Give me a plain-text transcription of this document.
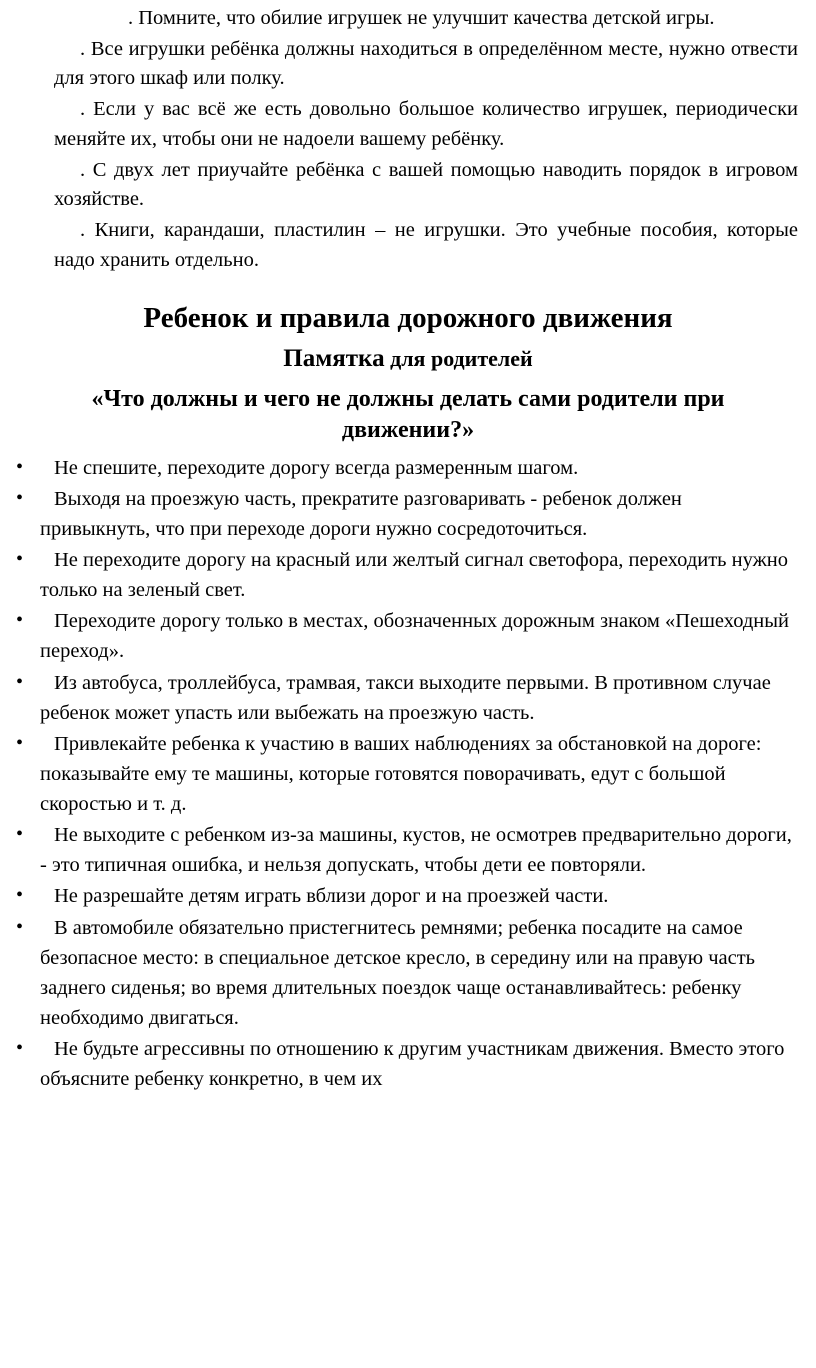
. Помните, что обилие игрушек не улучшит качества детской игры.

. Все игрушки ребёнка должны находиться в определённом месте, нужно отвести для этого шкаф или полку.

. Если у вас всё же есть довольно большое количество игрушек, периодически меняйте их, чтобы они не надоели вашему ребёнку.

. С двух лет приучайте ребёнка с вашей помощью наводить порядок в игровом хозяйстве.

. Книги, карандаши, пластилин – не игрушки. Это учебные пособия, которые надо хранить отдельно.

Ребенок и правила дорожного движения
Памятка для родителей
«Что должны и чего не должны делать сами родители при движении?»

•	Не спешите, переходите дорогу всегда размеренным шагом.

•	Выходя на проезжую часть, прекратите разговаривать - ребенок должен привыкнуть, что при переходе дороги нужно сосредоточиться.

•	Не переходите дорогу на красный или желтый сигнал светофора, переходить нужно только на зеленый свет.

•	Переходите дорогу только в местах, обозначенных дорожным знаком «Пешеходный переход».

•	Из автобуса, троллейбуса, трамвая, такси выходите первыми. В противном случае ребенок может упасть или выбежать на проезжую часть.

•	Привлекайте ребенка к участию в ваших наблюдениях за обстановкой на дороге: показывайте ему те машины, которые готовятся поворачивать, едут с большой скоростью и т. д.

•	Не выходите с ребенком из-за машины, кустов, не осмотрев предварительно дороги, - это типичная ошибка, и нельзя допускать, чтобы дети ее повторяли.

•	Не разрешайте детям играть вблизи дорог и на проезжей части.

•	В автомобиле обязательно пристегнитесь ремнями; ребенка посадите на самое безопасное место: в специальное детское кресло, в середину или на правую часть заднего сиденья; во время длительных поездок чаще останавливайтесь: ребенку необходимо двигаться.

•	Не будьте агрессивны по отношению к другим участникам движения. Вместо этого объясните ребенку конкретно, в чем их
